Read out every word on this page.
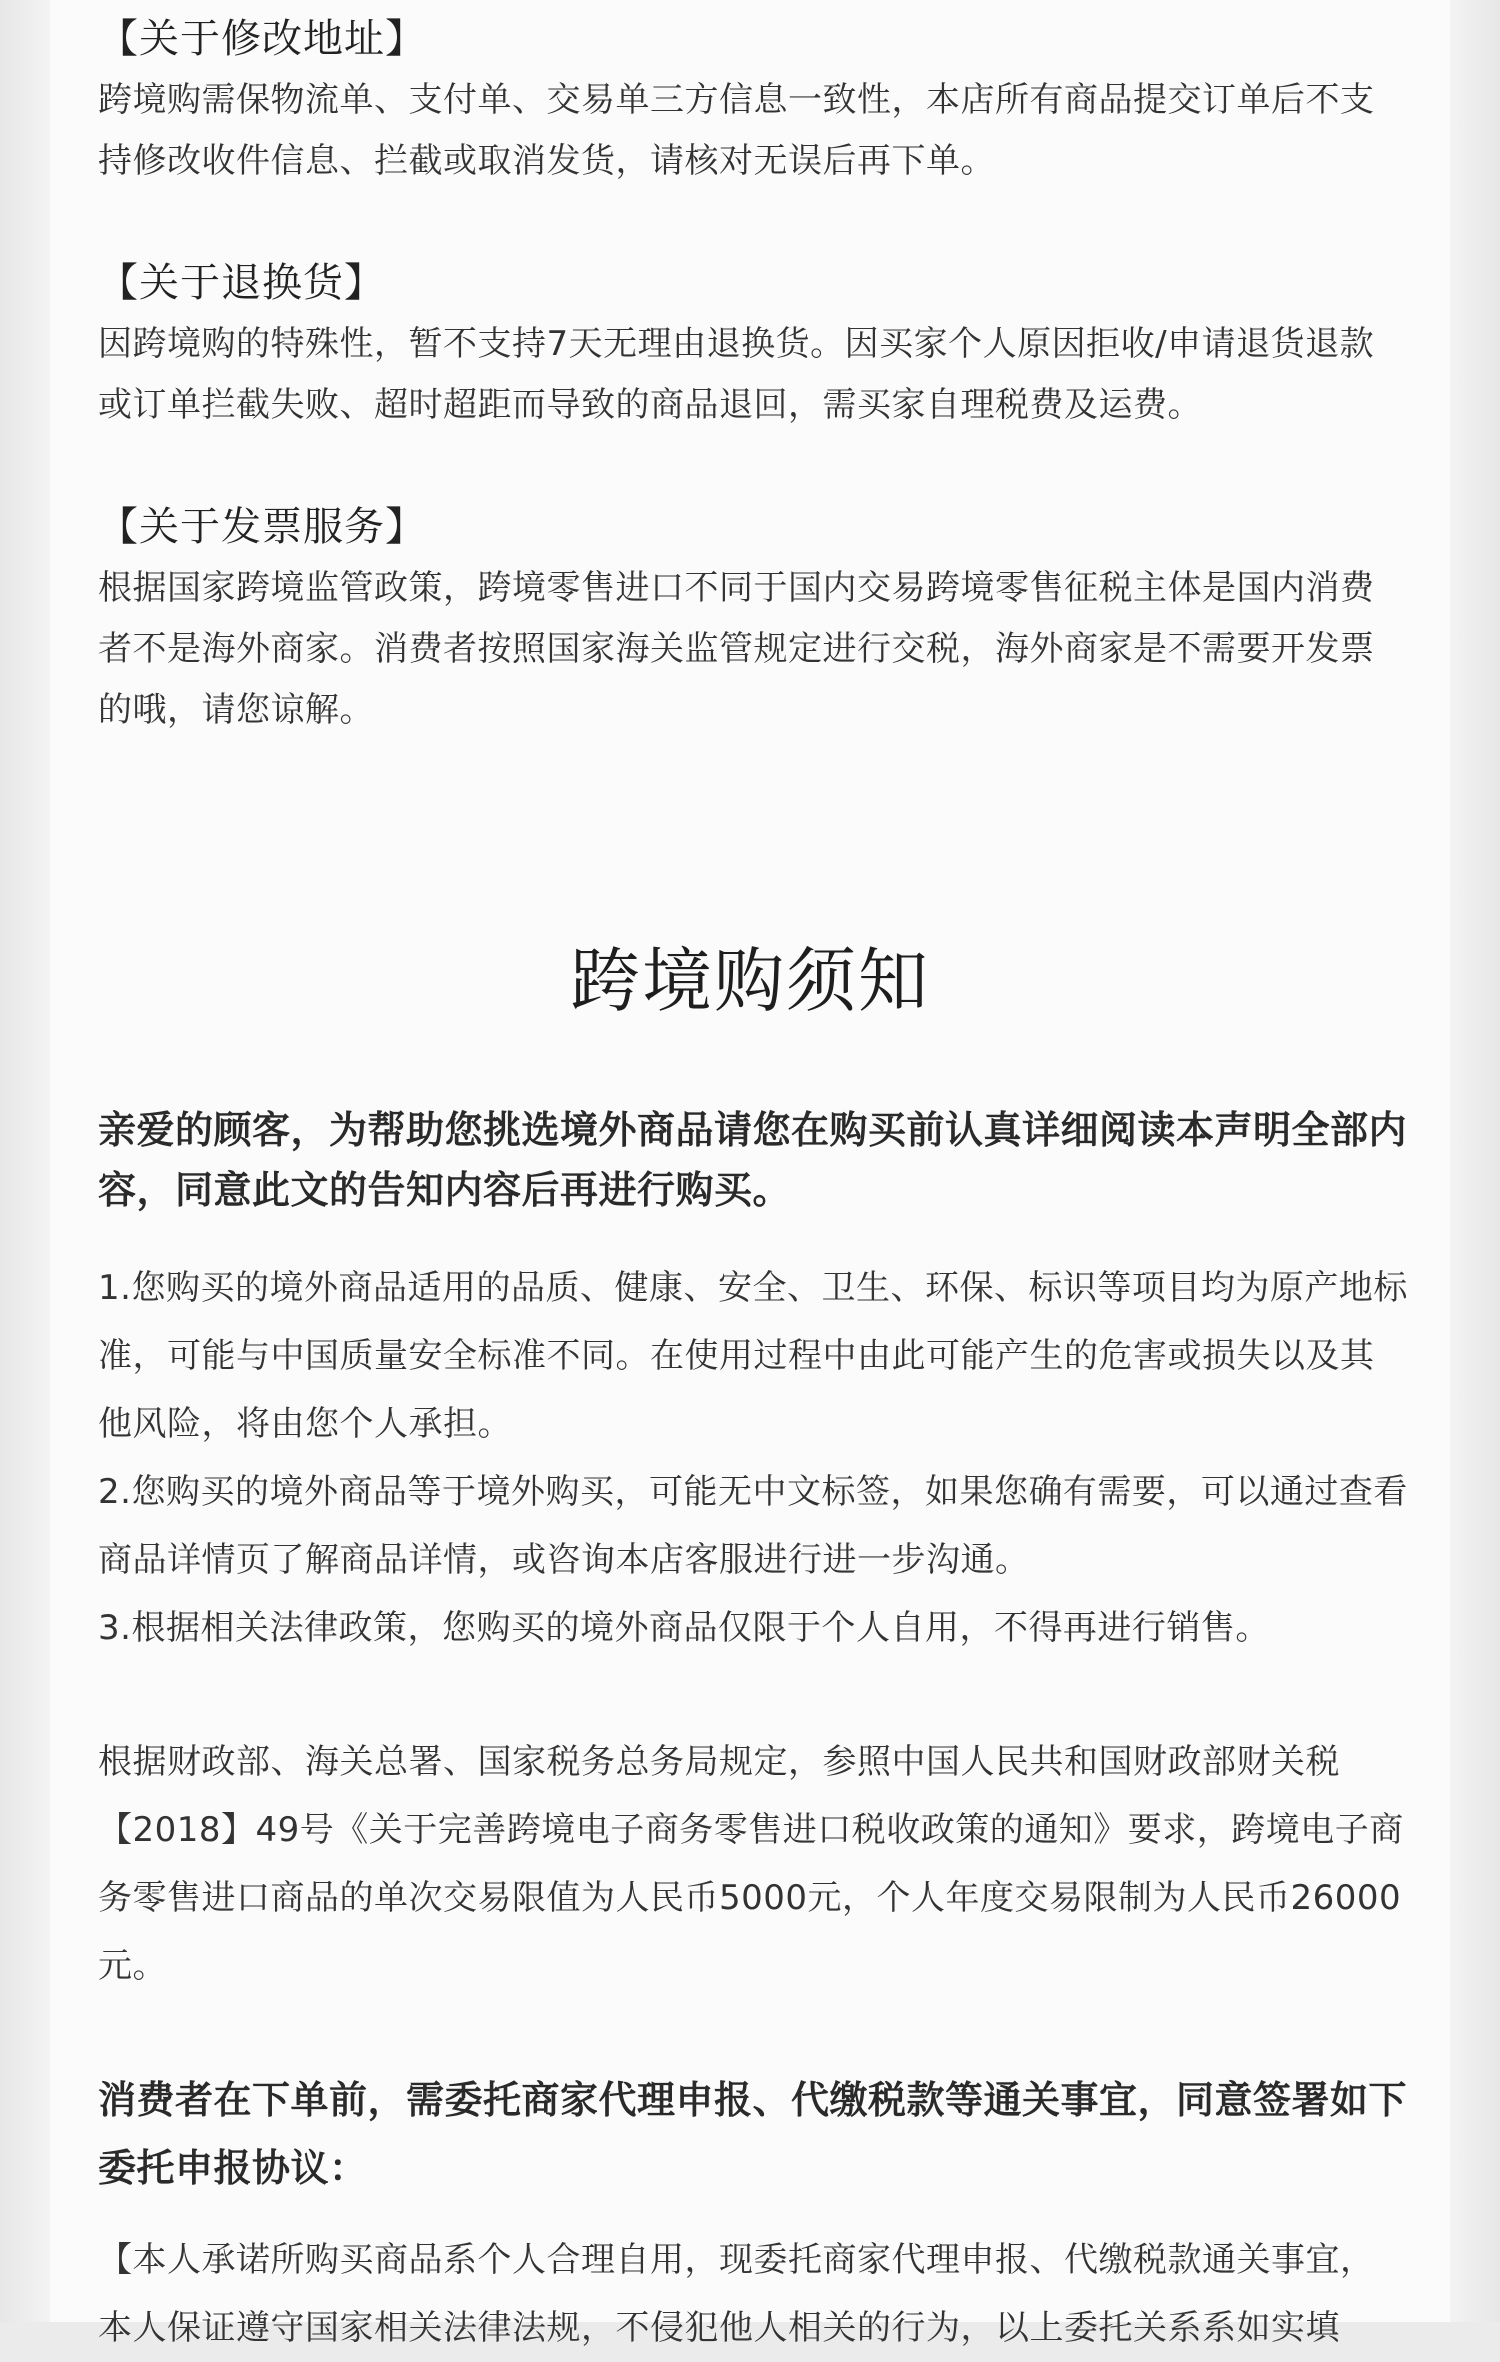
【关于修改地址】

跨境购需保物流单、支付单、交易单三方信息一致性，本店所有商品提交订单后不支持修改收件信息、拦截或取消发货，请核对无误后再下单。

【关于退换货】

因跨境购的特殊性，暂不支持7天无理由退换货。因买家个人原因拒收/申请退货退款或订单拦截失败、超时超距而导致的商品退回，需买家自理税费及运费。

【关于发票服务】

根据国家跨境监管政策，跨境零售进口不同于国内交易跨境零售征税主体是国内消费者不是海外商家。消费者按照国家海关监管规定进行交税，海外商家是不需要开发票的哦，请您谅解。

跨境购须知

亲爱的顾客，为帮助您挑选境外商品请您在购买前认真详细阅读本声明全部内容，同意此文的告知内容后再进行购买。

1.您购买的境外商品适用的品质、健康、安全、卫生、环保、标识等项目均为原产地标准，可能与中国质量安全标准不同。在使用过程中由此可能产生的危害或损失以及其他风险，将由您个人承担。
2.您购买的境外商品等于境外购买，可能无中文标签，如果您确有需要，可以通过查看商品详情页了解商品详情，或咨询本店客服进行进一步沟通。
3.根据相关法律政策，您购买的境外商品仅限于个人自用，不得再进行销售。

根据财政部、海关总署、国家税务总务局规定，参照中国人民共和国财政部财关税【2018】49号《关于完善跨境电子商务零售进口税收政策的通知》要求，跨境电子商务零售进口商品的单次交易限值为人民币5000元，个人年度交易限制为人民币26000元。

消费者在下单前，需委托商家代理申报、代缴税款等通关事宜，同意签署如下委托申报协议：

【本人承诺所购买商品系个人合理自用，现委托商家代理申报、代缴税款通关事宜，本人保证遵守国家相关法律法规，不侵犯他人相关的行为，以上委托关系系如实填
